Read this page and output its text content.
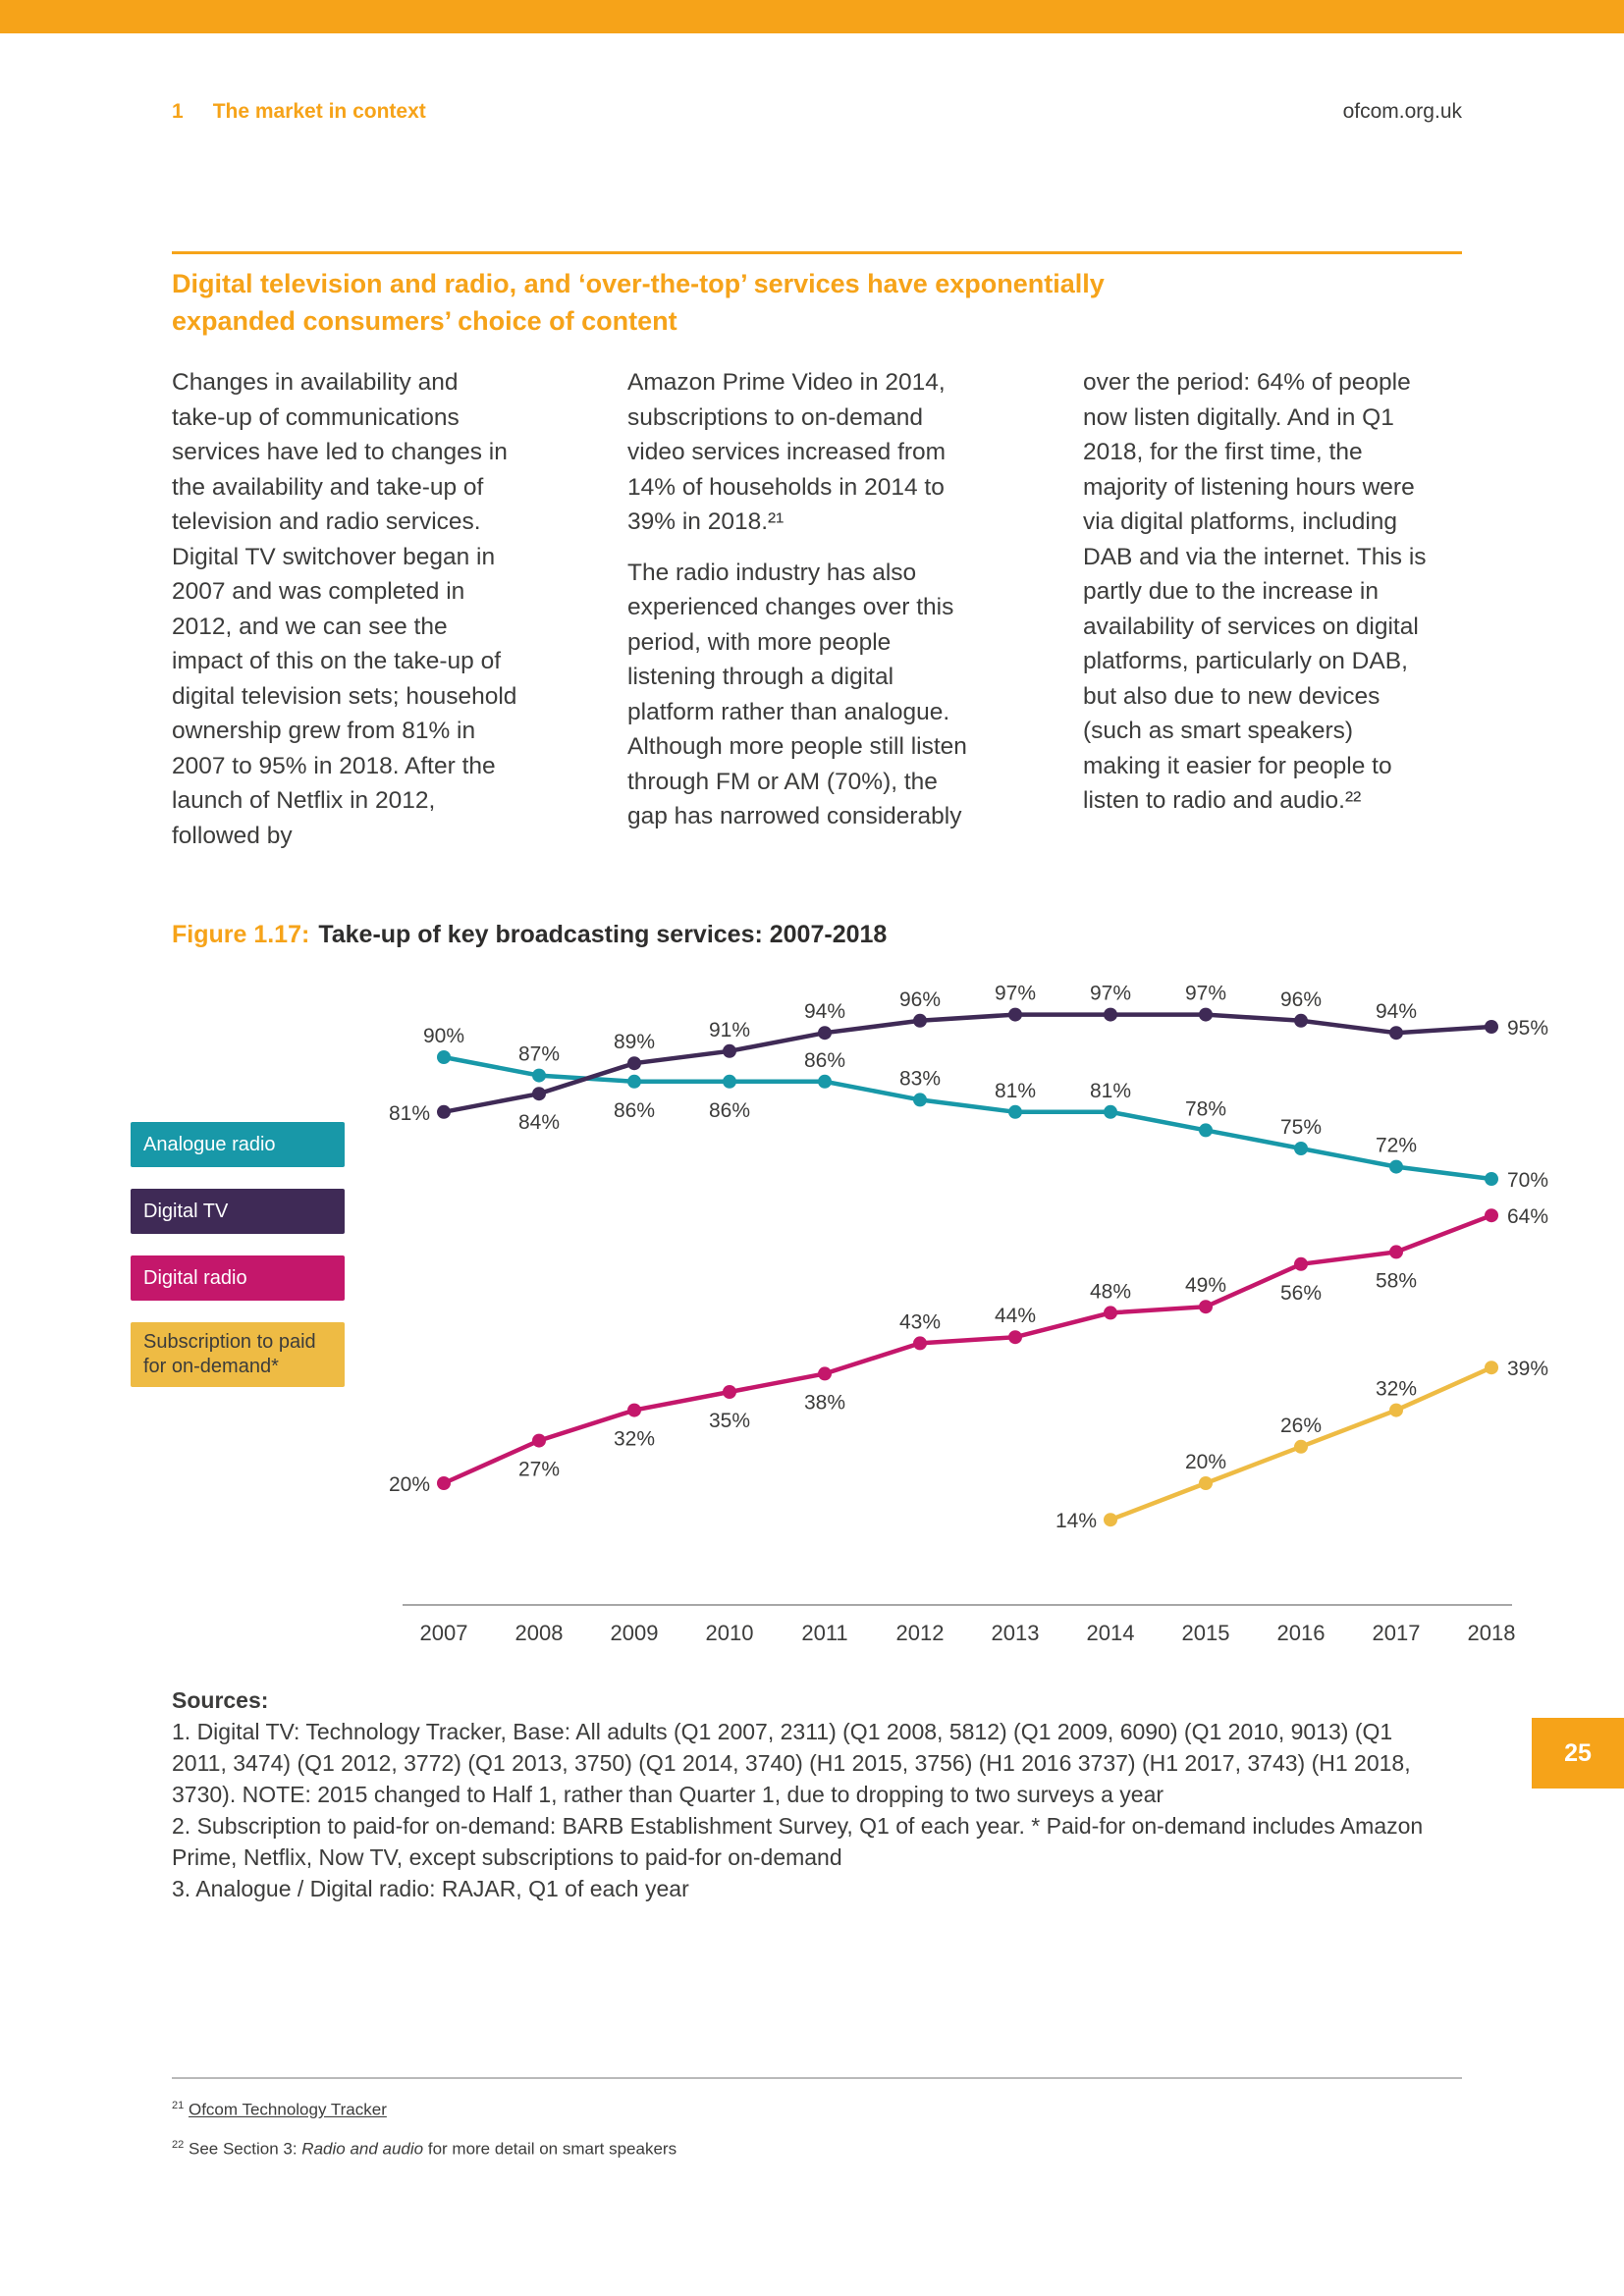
1 The market in context	ofcom.org.uk
Digital television and radio, and ‘over-the-top’ services have exponentially expanded consumers’ choice of content

Changes in availability and take-up of communications services have led to changes in the availability and take-up of television and radio services. Digital TV switchover began in 2007 and was completed in 2012, and we can see the impact of this on the take-up of digital television sets; household ownership grew from 81% in 2007 to 95% in 2018. After the launch of Netflix in 2012, followed by

Amazon Prime Video in 2014, subscriptions to on-demand video services increased from 14% of households in 2014 to 39% in 2018.²¹

The radio industry has also experienced changes over this period, with more people listening through a digital platform rather than analogue. Although more people still listen through FM or AM (70%), the gap has narrowed considerably

over the period: 64% of people now listen digitally. And in Q1 2018, for the first time, the majority of listening hours were via digital platforms, including DAB and via the internet. This is partly due to the increase in availability of services on digital platforms, particularly on DAB, but also due to new devices (such as smart speakers) making it easier for people to listen to radio and audio.²²

Figure 1.17: Take-up of key broadcasting services: 2007-2018
Analogue radio
Digital TV
Digital radio
Subscription to paid for on-demand*
2007 2008 2009 2010 2011 2012 2013 2014 2015 2016 2017 2018
90%
87%
86%	86%
86%
83%
81%	81%
78%
75%
72%
70%
81%	84%
89%
91%
94%
96%	97%	97%	97%	96%
94%
95%
20%
27%
32%
35%
38%
43%	44%
48%	49%	56%
58%
64%
14%
20%
26%
32%
39%

Sources:

1. Digital TV: Technology Tracker, Base: All adults (Q1 2007, 2311) (Q1 2008, 5812) (Q1 2009, 6090) (Q1 2010, 9013) (Q1 2011, 3474) (Q1 2012, 3772) (Q1 2013, 3750) (Q1 2014, 3740) (H1 2015, 3756) (H1 2016 3737) (H1 2017, 3743) (H1 2018, 3730). NOTE: 2015 changed to Half 1, rather than Quarter 1, due to dropping to two surveys a year

2. Subscription to paid-for on-demand: BARB Establishment Survey, Q1 of each year. * Paid-for on-demand includes Amazon Prime, Netflix, Now TV, except subscriptions to paid-for on-demand

3. Analogue / Digital radio: RAJAR, Q1 of each year

25

$^{21}$ Ofcom Technology Tracker

$^{22}$ See Section 3: Radio and audio for more detail on smart speakers
